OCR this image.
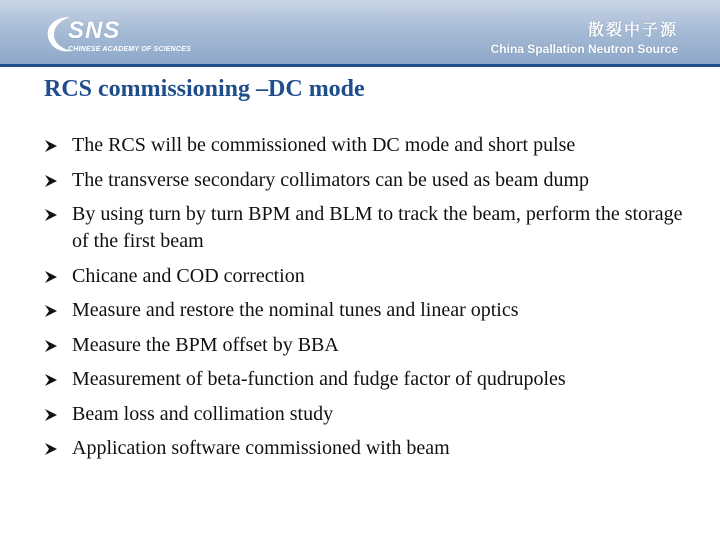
SNS
CHINESE ACADEMY OF SCIENCES
散裂中子源
China Spallation Neutron Source
RCS commissioning –DC mode
The RCS will be commissioned with DC mode and short pulse
The transverse secondary collimators can be used as beam dump
By using turn by turn BPM and BLM to track the beam, perform the storage of the first beam
Chicane and COD correction
Measure and restore the nominal tunes and linear optics
Measure the BPM offset by BBA
Measurement of beta-function and fudge factor of qudrupoles
Beam loss and collimation study
Application software commissioned with beam
